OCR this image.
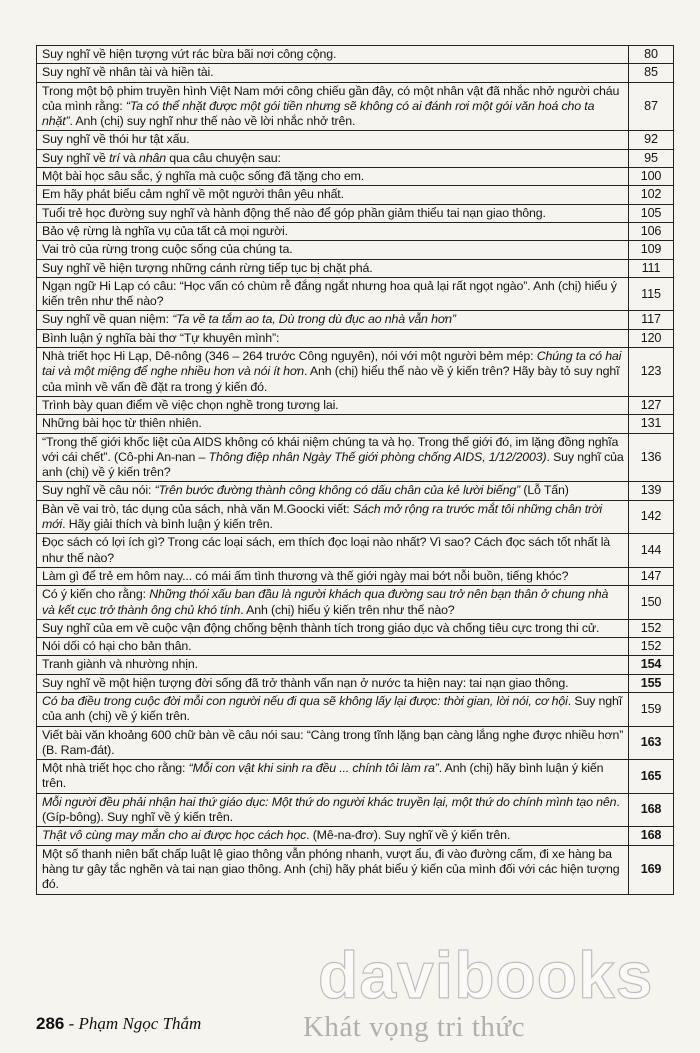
Suy nghĩ về hiện tượng vứt rác bừa bãi nơi công cộng.	80
Suy nghĩ về nhân tài và hiền tài.	85
Trong một bộ phim truyền hình Việt Nam mới công chiếu gần đây, có một nhân vật đã nhắc nhở người cháu của mình rằng: “Ta có thể nhặt được một gói tiền nhưng sẽ không có ai đánh rơi một gói văn hoá cho ta nhặt”. Anh (chị) suy nghĩ như thế nào về lời nhắc nhở trên.	87
Suy nghĩ về thói hư tật xấu.	92
Suy nghĩ về trí và nhân qua câu chuyện sau:	95
Một bài học sâu sắc, ý nghĩa mà cuộc sống đã tặng cho em.	100
Em hãy phát biểu cảm nghĩ về một người thân yêu nhất.	102
Tuổi trẻ học đường suy nghĩ và hành động thế nào để góp phần giảm thiểu tai nạn giao thông.	105
Bảo vệ rừng là nghĩa vụ của tất cả mọi người.	106
Vai trò của rừng trong cuộc sống của chúng ta.	109
Suy nghĩ về hiện tượng những cánh rừng tiếp tục bị chặt phá.	111
Ngạn ngữ Hi Lạp có câu: “Học vấn có chùm rễ đắng ngắt nhưng hoa quả lại rất ngọt ngào”. Anh (chị) hiểu ý kiến trên như thế nào?	115
Suy nghĩ về quan niệm: “Ta về ta tắm ao ta, Dù trong dù đục ao nhà vẫn hơn”	117
Bình luận ý nghĩa bài thơ “Tự khuyên mình”:	120
Nhà triết học Hi Lạp, Dê-nông (346 – 264 trước Công nguyên), nói với một người bẻm mép: Chúng ta có hai tai và một miệng để nghe nhiều hơn và nói ít hơn. Anh (chị) hiểu thế nào về ý kiến trên? Hãy bày tỏ suy nghĩ của mình về vấn đề đặt ra trong ý kiến đó.	123
Trình bày quan điểm về việc chọn nghề trong tương lai.	127
Những bài học từ thiên nhiên.	131
“Trong thế giới khốc liệt của AIDS không có khái niệm chúng ta và họ. Trong thế giới đó, im lặng đồng nghĩa với cái chết”. (Cô-phi An-nan – Thông điệp nhân Ngày Thế giới phòng chống AIDS, 1/12/2003). Suy nghĩ của anh (chị) về ý kiến trên?	136
Suy nghĩ về câu nói: “Trên bước đường thành công không có dấu chân của kẻ lười biếng” (Lỗ Tấn)	139
Bàn về vai trò, tác dụng của sách, nhà văn M.Goocki viết: Sách mở rộng ra trước mắt tôi những chân trời mới. Hãy giải thích và bình luận ý kiến trên.	142
Đọc sách có lợi ích gì? Trong các loại sách, em thích đọc loại nào nhất? Vì sao? Cách đọc sách tốt nhất là như thế nào?	144
Làm gì để trẻ em hôm nay... có mái ấm tình thương và thế giới ngày mai bớt nỗi buồn, tiếng khóc?	147
Có ý kiến cho rằng: Những thói xấu ban đầu là người khách qua đường sau trở nên bạn thân ở chung nhà và kết cục trở thành ông chủ khó tính. Anh (chị) hiểu ý kiến trên như thế nào?	150
Suy nghĩ của em về cuộc vận động chống bệnh thành tích trong giáo dục và chống tiêu cực trong thi cử.	152
Nói dối có hại cho bản thân.	152
Tranh giành và nhường nhịn.	154
Suy nghĩ về một hiện tượng đời sống đã trở thành vấn nạn ở nước ta hiện nay: tai nạn giao thông.	155
Có ba điều trong cuộc đời mỗi con người nếu đi qua sẽ không lấy lại được: thời gian, lời nói, cơ hội. Suy nghĩ của anh (chị) về ý kiến trên.	159
Viết bài văn khoảng 600 chữ bàn về câu nói sau: “Càng trong tĩnh lặng bạn càng lắng nghe được nhiều hơn” (B. Ram-đát).	163
Một nhà triết học cho rằng: “Mỗi con vật khi sinh ra đều ... chính tôi làm ra”. Anh (chị) hãy bình luận ý kiến trên.	165
Mỗi người đều phải nhận hai thứ giáo dục: Một thứ do người khác truyền lại, một thứ do chính mình tạo nên. (Gíp-bông). Suy nghĩ về ý kiến trên.	168
Thật vô cùng may mắn cho ai được học cách học. (Mê-na-đrơ). Suy nghĩ về ý kiến trên.	168
Một số thanh niên bất chấp luật lệ giao thông vẫn phóng nhanh, vượt ẩu, đi vào đường cấm, đi xe hàng ba hàng tư gây tắc nghẽn và tai nạn giao thông. Anh (chị) hãy phát biểu ý kiến của mình đối với các hiện tượng đó.	169
286 - Phạm Ngọc Thắm
davibooks
Khát vọng tri thức
